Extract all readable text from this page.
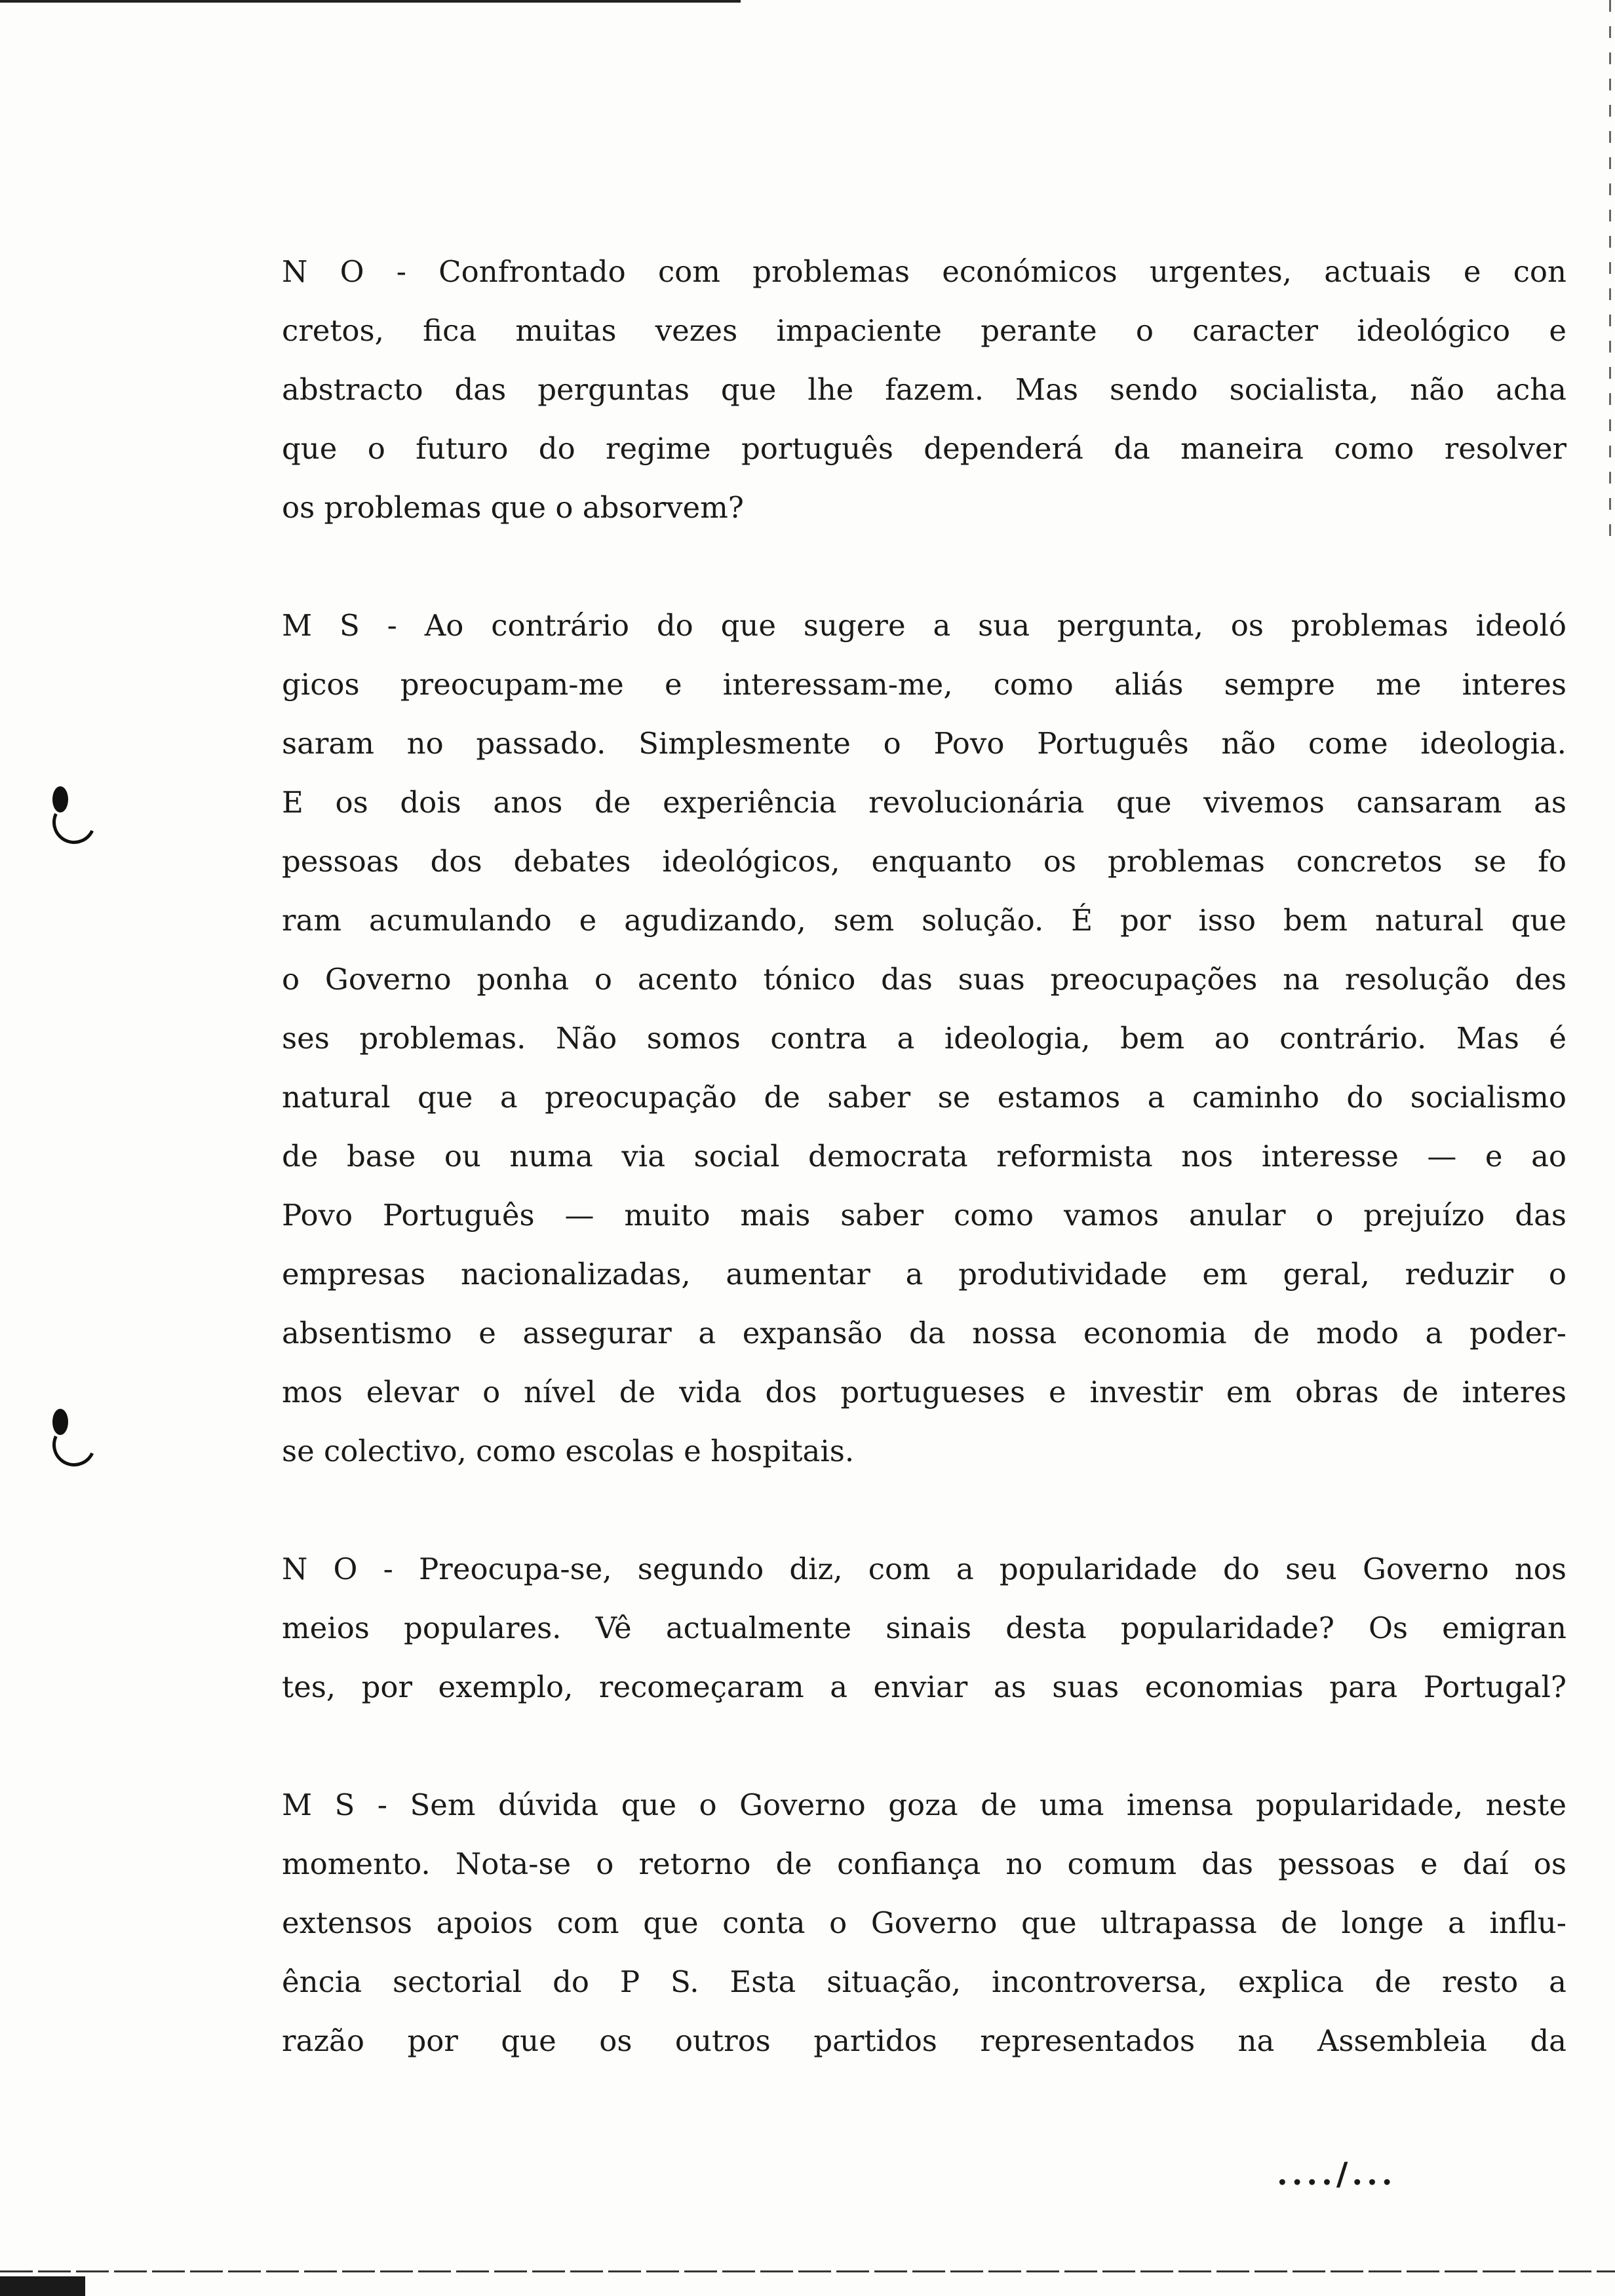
N O - Confrontado com problemas económicos urgentes, actuais e con
cretos, fica muitas vezes impaciente perante o caracter ideológico e
abstracto das perguntas que lhe fazem. Mas sendo socialista, não acha
que o futuro do regime português dependerá da maneira como resolver
os problemas que o absorvem?
M S - Ao contrário do que sugere a sua pergunta, os problemas ideoló
gicos preocupam-me e interessam-me, como aliás sempre me interes
saram no passado. Simplesmente o Povo Português não come ideologia.
E os dois anos de experiência revolucionária que vivemos cansaram as
pessoas dos debates ideológicos, enquanto os problemas concretos se fo
ram acumulando e agudizando, sem solução. É por isso bem natural que
o Governo ponha o acento tónico das suas preocupações na resolução des
ses problemas. Não somos contra a ideologia, bem ao contrário. Mas é
natural que a preocupação de saber se estamos a caminho do socialismo
de base ou numa via social democrata reformista nos interesse — e ao
Povo Português — muito mais saber como vamos anular o prejuízo das
empresas nacionalizadas, aumentar a produtividade em geral, reduzir o
absentismo e assegurar a expansão da nossa economia de modo a poder-
mos elevar o nível de vida dos portugueses e investir em obras de interes
se colectivo, como escolas e hospitais.
N O - Preocupa-se, segundo diz, com a popularidade do seu Governo nos
meios populares. Vê actualmente sinais desta popularidade? Os emigran
tes, por exemplo, recomeçaram a enviar as suas economias para Portugal?
M S - Sem dúvida que o Governo goza de uma imensa popularidade, neste
momento. Nota-se o retorno de confiança no comum das pessoas e daí os
extensos apoios com que conta o Governo que ultrapassa de longe a influ-
ência sectorial do P S. Esta situação, incontroversa, explica de resto a
razão por que os outros partidos representados na Assembleia da
..../...
